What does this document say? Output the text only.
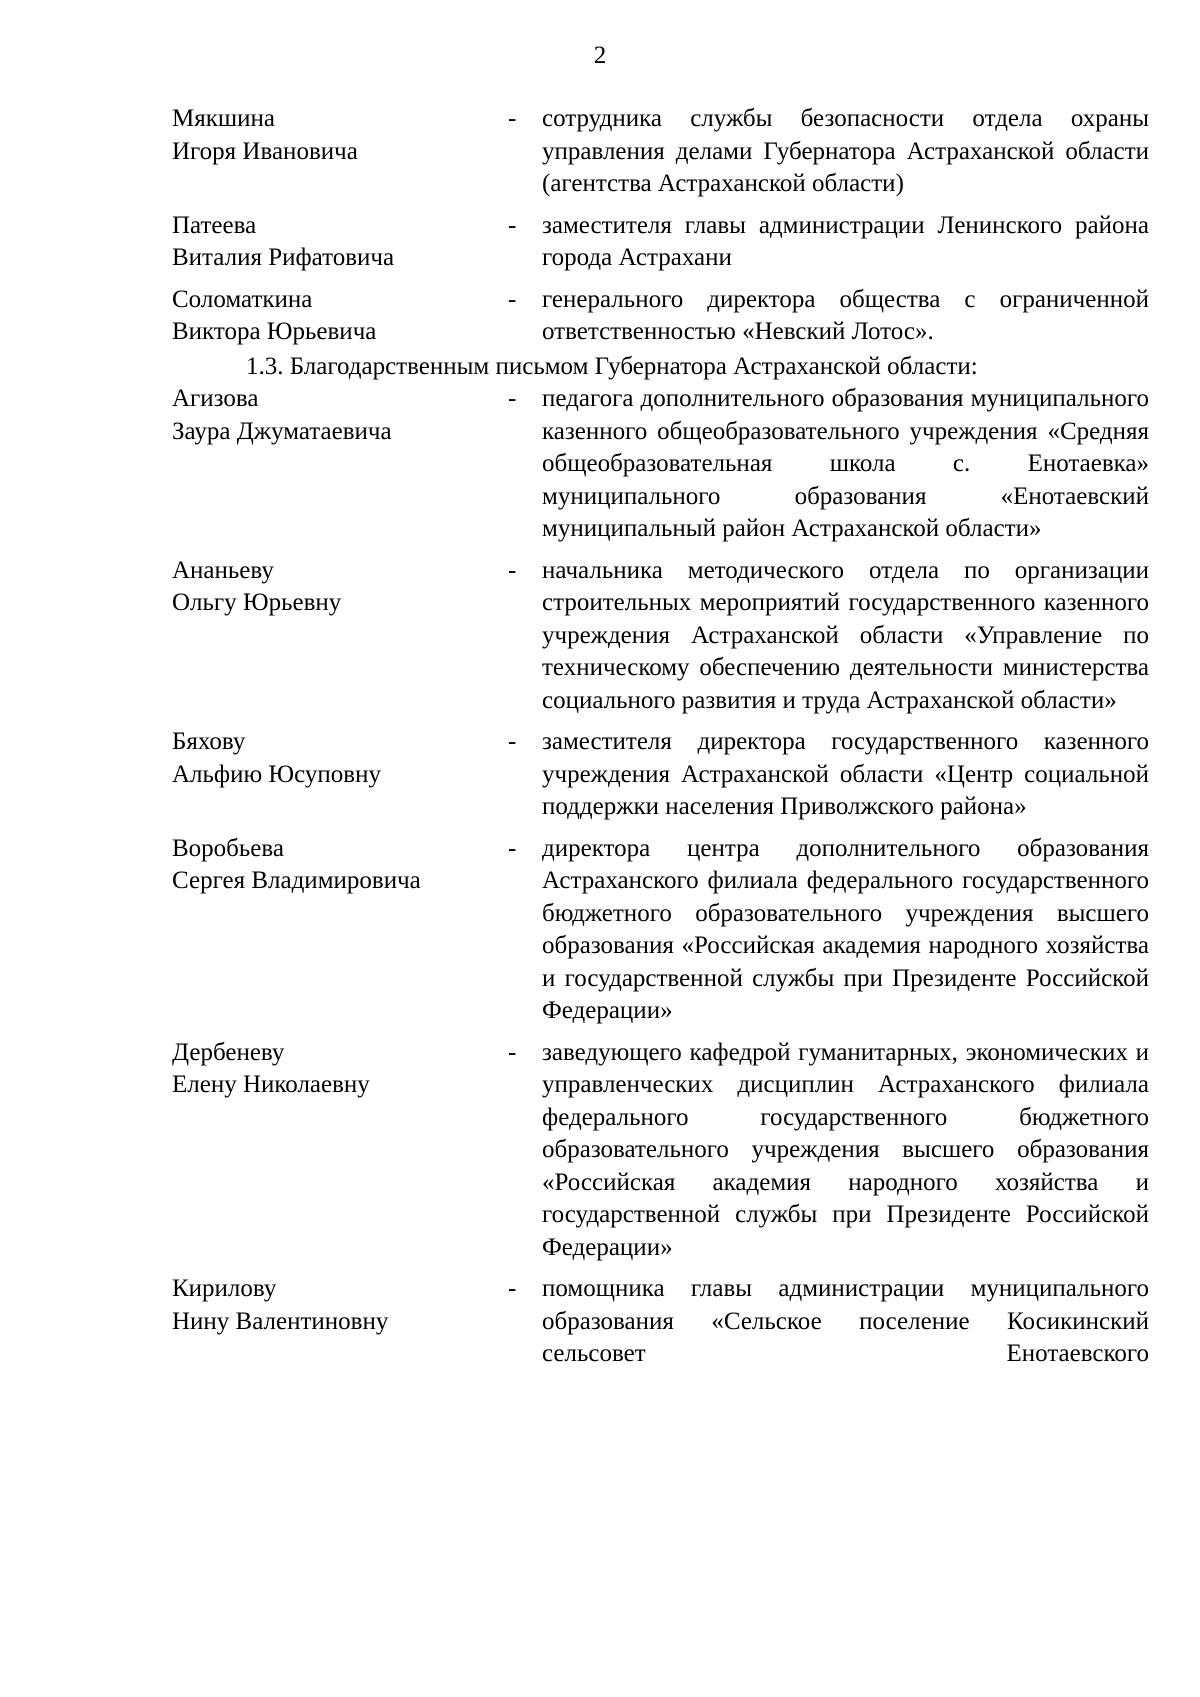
2

Мякшина
Игоря Ивановича
-	сотрудника службы безопасности отдела охраны управления делами Губернатора Астраханской области (агентства Астраханской области)
Патеева
Виталия Рифатовича
-	заместителя главы администрации Ленинского района города Астрахани
Соломаткина
Виктора Юрьевича
-	генерального директора общества с ограниченной ответственностью «Невский Лотос».

1.3. Благодарственным письмом Губернатора Астраханской области:

Агизова
Заура Джуматаевича
-	педагога дополнительного образования муниципального казенного общеобразовательного учреждения «Средняя общеобразовательная школа с. Енотаевка» муниципального образования «Енотаевский муниципальный район Астраханской области»
Ананьеву
Ольгу Юрьевну
-	начальника методического отдела по организации строительных мероприятий государственного казенного учреждения Астраханской области «Управление по техническому обеспечению деятельности министерства социального развития и труда Астраханской области»
Бяхову
Альфию Юсуповну
-	заместителя директора государственного казенного учреждения Астраханской области «Центр социальной поддержки населения Приволжского района»
Воробьева
Сергея Владимировича
-	директора центра дополнительного образования Астраханского филиала федерального государственного бюджетного образовательного учреждения высшего образования «Российская академия народного хозяйства и государственной службы при Президенте Российской Федерации»
Дербеневу
Елену Николаевну
-	заведующего кафедрой гуманитарных, экономических и управленческих дисциплин Астраханского филиала федерального государственного бюджетного образовательного учреждения высшего образования «Российская академия народного хозяйства и государственной службы при Президенте Российской Федерации»
Кирилову
Нину Валентиновну
-	помощника главы администрации муниципального образования «Сельское поселение Косикинский сельсовет Енотаевского
